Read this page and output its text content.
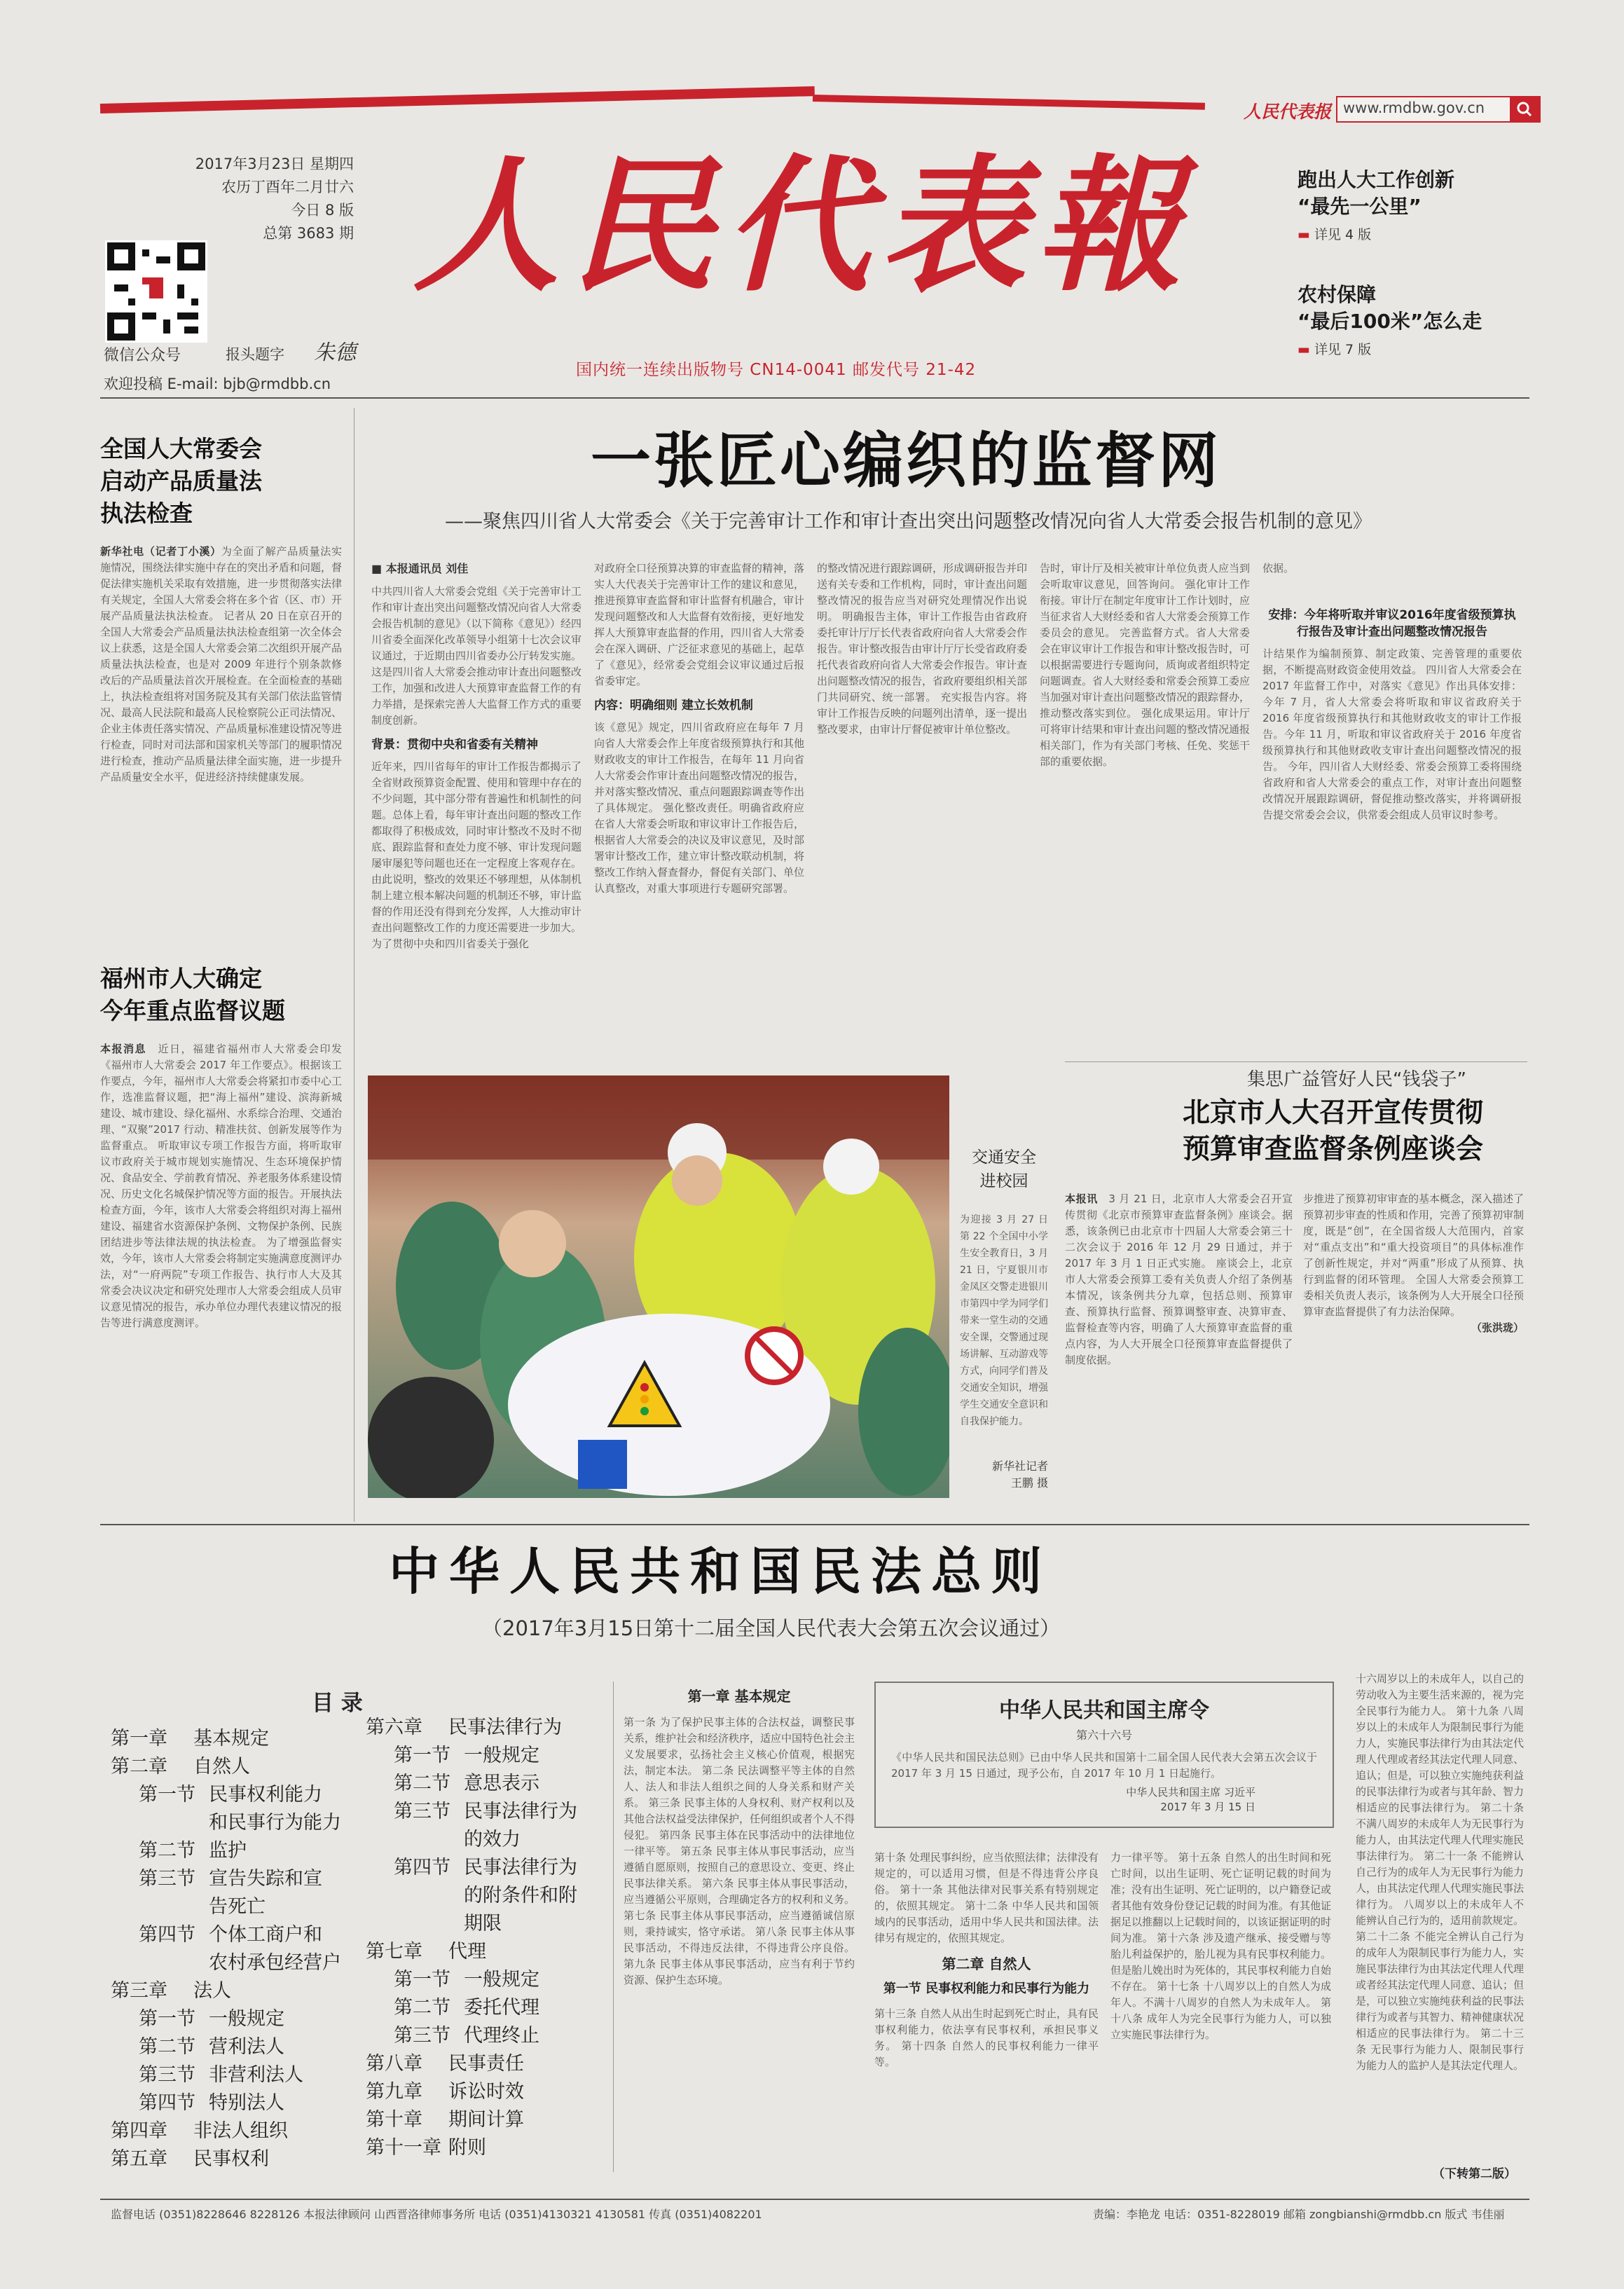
人民代表报 www.rmdbw.gov.cn
2017年3月23日 星期四
农历丁酉年二月廿六
今日 8 版
总第 3683 期
微信公众号	报头题字 朱德
欢迎投稿 E-mail: bjb@rmdbb.cn
人民代表報
国内统一连续出版物号 CN14-0041 邮发代号 21-42
跑出人大工作创新
“最先一公里”
▬ 详见 4 版
农村保障
“最后100米”怎么走
▬ 详见 7 版
全国人大常委会
启动产品质量法
执法检查
新华社电（记者丁小溪）为全面了解产品质量法实施情况，围绕法律实施中存在的突出矛盾和问题，督促法律实施机关采取有效措施，进一步贯彻落实法律有关规定，全国人大常委会将在多个省（区、市）开展产品质量法执法检查。 记者从 20 日在京召开的全国人大常委会产品质量法执法检查组第一次全体会议上获悉，这是全国人大常委会第二次组织开展产品质量法执法检查，也是对 2009 年进行个别条款修改后的产品质量法首次开展检查。在全面检查的基础上，执法检查组将对国务院及其有关部门依法监管情况、最高人民法院和最高人民检察院公正司法情况、企业主体责任落实情况、产品质量标准建设情况等进行检查，同时对司法部和国家机关等部门的履职情况进行检查，推动产品质量法律全面实施，进一步提升产品质量安全水平，促进经济持续健康发展。
福州市人大确定
今年重点监督议题
本报消息　 近日，福建省福州市人大常委会印发《福州市人大常委会 2017 年工作要点》。根据该工作要点，今年，福州市人大常委会将紧扣市委中心工作，选准监督议题，把“海上福州”建设、滨海新城建设、城市建设、绿化福州、水系综合治理、交通治理、“双聚”2017 行动、精准扶贫、创新发展等作为监督重点。 听取审议专项工作报告方面，将听取审议市政府关于城市规划实施情况、生态环境保护情况、食品安全、学前教育情况、养老服务体系建设情况、历史文化名城保护情况等方面的报告。开展执法检查方面，今年，该市人大常委会将组织对海上福州建设、福建省水资源保护条例、文物保护条例、民族团结进步等法律法规的执法检查。 为了增强监督实效，今年，该市人大常委会将制定实施满意度测评办法，对“一府两院”专项工作报告、执行市人大及其常委会决议决定和研究处理市人大常委会组成人员审议意见情况的报告，承办单位办理代表建议情况的报告等进行满意度测评。
一张匠心编织的监督网
——聚焦四川省人大常委会《关于完善审计工作和审计查出突出问题整改情况向省人大常委会报告机制的意见》
■ 本报通讯员 刘佳
中共四川省人大常委会党组《关于完善审计工作和审计查出突出问题整改情况向省人大常委会报告机制的意见》（以下简称《意见》）经四川省委全面深化改革领导小组第十七次会议审议通过，于近期由四川省委办公厅转发实施。这是四川省人大常委会推动审计查出问题整改工作，加强和改进人大预算审查监督工作的有力举措，是探索完善人大监督工作方式的重要制度创新。
背景：贯彻中央和省委有关精神
近年来，四川省每年的审计工作报告都揭示了全省财政预算资金配置、使用和管理中存在的不少问题，其中部分带有普遍性和机制性的问题。总体上看，每年审计查出问题的整改工作都取得了积极成效，同时审计整改不及时不彻底、跟踪监督和查处力度不够、审计发现问题屡审屡犯等问题也还在一定程度上客观存在。由此说明，整改的效果还不够理想，从体制机制上建立根本解决问题的机制还不够，审计监督的作用还没有得到充分发挥，人大推动审计查出问题整改工作的力度还需要进一步加大。 为了贯彻中央和四川省委关于强化
对政府全口径预算决算的审查监督的精神，落实人大代表关于完善审计工作的建议和意见，推进预算审查监督和审计监督有机融合，审计发现问题整改和人大监督有效衔接，更好地发挥人大预算审查监督的作用，四川省人大常委会在深入调研、广泛征求意见的基础上，起草了《意见》，经常委会党组会议审议通过后报省委审定。
内容：明确细则 建立长效机制
该《意见》规定，四川省政府应在每年 7 月向省人大常委会作上年度省级预算执行和其他财政收支的审计工作报告，在每年 11 月向省人大常委会作审计查出问题整改情况的报告，并对落实整改情况、重点问题跟踪调查等作出了具体规定。 强化整改责任。明确省政府应在省人大常委会听取和审议审计工作报告后，根据省人大常委会的决议及审议意见，及时部署审计整改工作，建立审计整改联动机制，将整改工作纳入督查督办，督促有关部门、单位认真整改，对重大事项进行专题研究部署。
的整改情况进行跟踪调研，形成调研报告并印送有关专委和工作机构，同时，审计查出问题整改情况的报告应当对研究处理情况作出说明。 明确报告主体，审计工作报告由省政府委托审计厅厅长代表省政府向省人大常委会作报告。审计整改报告由审计厅厅长受省政府委托代表省政府向省人大常委会作报告。审计查出问题整改情况的报告，省政府要组织相关部门共同研究、统一部署。 充实报告内容。将审计工作报告反映的问题列出清单，逐一提出整改要求，由审计厅督促被审计单位整改。
告时，审计厅及相关被审计单位负责人应当到会听取审议意见，回答询问。 强化审计工作衔接。审计厅在制定年度审计工作计划时，应当征求省人大财经委和省人大常委会预算工作委员会的意见。 完善监督方式。省人大常委会在审议审计工作报告和审计整改报告时，可以根据需要进行专题询问，质询或者组织特定问题调查。省人大财经委和常委会预算工委应当加强对审计查出问题整改情况的跟踪督办，推动整改落实到位。 强化成果运用。审计厅可将审计结果和审计查出问题的整改情况通报相关部门，作为有关部门考核、任免、奖惩干部的重要依据。
依据。
安排：今年将听取并审议2016年度省级预算执行报告及审计查出问题整改情况报告
计结果作为编制预算、制定政策、完善管理的重要依据，不断提高财政资金使用效益。 四川省人大常委会在 2017 年监督工作中，对落实《意见》作出具体安排：今年 7 月，省人大常委会将听取和审议省政府关于 2016 年度省级预算执行和其他财政收支的审计工作报告。今年 11 月，听取和审议省政府关于 2016 年度省级预算执行和其他财政收支审计查出问题整改情况的报告。 今年，四川省人大财经委、常委会预算工委将围绕省政府和省人大常委会的重点工作，对审计查出问题整改情况开展跟踪调研，督促推动整改落实，并将调研报告提交常委会会议，供常委会组成人员审议时参考。
交通安全
进校园
为迎接 3 月 27 日第 22 个全国中小学生安全教育日，3 月 21 日，宁夏银川市金凤区交警走进银川市第四中学为同学们带来一堂生动的交通安全课，交警通过现场讲解、互动游戏等方式，向同学们普及交通安全知识，增强学生交通安全意识和自我保护能力。
新华社记者
王鹏 摄
集思广益管好人民“钱袋子”
北京市人大召开宣传贯彻
预算审查监督条例座谈会
本报讯　 3 月 21 日，北京市人大常委会召开宣传贯彻《北京市预算审查监督条例》座谈会。据悉，该条例已由北京市十四届人大常委会第三十二次会议于 2016 年 12 月 29 日通过，并于 2017 年 3 月 1 日正式实施。 座谈会上，北京市人大常委会预算工委有关负责人介绍了条例基本情况，该条例共分九章，包括总则、预算审查、预算执行监督、预算调整审查、决算审查、监督检查等内容，明确了人大预算审查监督的重点内容，为人大开展全口径预算审查监督提供了制度依据。
步推进了预算初审审查的基本概念，深入描述了预算初步审查的性质和作用，完善了预算初审制度，既是“创”，在全国省级人大范围内，首家对“重点支出”和“重大投资项目”的具体标准作了创新性规定，并对“两重”形成了从预算、执行到监督的闭环管理。 全国人大常委会预算工委相关负责人表示，该条例为人大开展全口径预算审查监督提供了有力法治保障。
（张洪珑）
中华人民共和国民法总则
（2017年3月15日第十二届全国人民代表大会第五次会议通过）
目 录
第一章 基本规定
第二章 自然人
第一节 民事权利能力
和民事行为能力
第二节 监护
第三节 宣告失踪和宣
告死亡
第四节 个体工商户和
农村承包经营户
第三章 法人
第一节 一般规定
第二节 营利法人
第三节 非营利法人
第四节 特别法人
第四章 非法人组织
第五章 民事权利
第六章 民事法律行为
第一节 一般规定
第二节 意思表示
第三节 民事法律行为
的效力
第四节 民事法律行为
的附条件和附
期限
第七章 代理
第一节 一般规定
第二节 委托代理
第三节 代理终止
第八章 民事责任
第九章 诉讼时效
第十章 期间计算
第十一章 附则
第一章 基本规定
第一条 为了保护民事主体的合法权益，调整民事关系，维护社会和经济秩序，适应中国特色社会主义发展要求，弘扬社会主义核心价值观，根据宪法，制定本法。 第二条 民法调整平等主体的自然人、法人和非法人组织之间的人身关系和财产关系。 第三条 民事主体的人身权利、财产权利以及其他合法权益受法律保护，任何组织或者个人不得侵犯。 第四条 民事主体在民事活动中的法律地位一律平等。 第五条 民事主体从事民事活动，应当遵循自愿原则，按照自己的意思设立、变更、终止民事法律关系。 第六条 民事主体从事民事活动，应当遵循公平原则，合理确定各方的权利和义务。 第七条 民事主体从事民事活动，应当遵循诚信原则，秉持诚实，恪守承诺。 第八条 民事主体从事民事活动，不得违反法律，不得违背公序良俗。 第九条 民事主体从事民事活动，应当有利于节约资源、保护生态环境。
中华人民共和国主席令
第六十六号
《中华人民共和国民法总则》已由中华人民共和国第十二届全国人民代表大会第五次会议于 2017 年 3 月 15 日通过，现予公布，自 2017 年 10 月 1 日起施行。
中华人民共和国主席 习近平
2017 年 3 月 15 日
第十条 处理民事纠纷，应当依照法律；法律没有规定的，可以适用习惯，但是不得违背公序良俗。 第十一条 其他法律对民事关系有特别规定的，依照其规定。 第十二条 中华人民共和国领域内的民事活动，适用中华人民共和国法律。法律另有规定的，依照其规定。
第二章 自然人
第一节 民事权利能力和民事行为能力
第十三条 自然人从出生时起到死亡时止，具有民事权利能力，依法享有民事权利，承担民事义务。 第十四条 自然人的民事权利能力一律平等。
力一律平等。 第十五条 自然人的出生时间和死亡时间，以出生证明、死亡证明记载的时间为准；没有出生证明、死亡证明的，以户籍登记或者其他有效身份登记记载的时间为准。有其他证据足以推翻以上记载时间的，以该证据证明的时间为准。 第十六条 涉及遗产继承、接受赠与等胎儿利益保护的，胎儿视为具有民事权利能力。但是胎儿娩出时为死体的，其民事权利能力自始不存在。 第十七条 十八周岁以上的自然人为成年人。不满十八周岁的自然人为未成年人。 第十八条 成年人为完全民事行为能力人，可以独立实施民事法律行为。
十六周岁以上的未成年人，以自己的劳动收入为主要生活来源的，视为完全民事行为能力人。 第十九条 八周岁以上的未成年人为限制民事行为能力人，实施民事法律行为由其法定代理人代理或者经其法定代理人同意、追认；但是，可以独立实施纯获利益的民事法律行为或者与其年龄、智力相适应的民事法律行为。 第二十条 不满八周岁的未成年人为无民事行为能力人，由其法定代理人代理实施民事法律行为。 第二十一条 不能辨认自己行为的成年人为无民事行为能力人，由其法定代理人代理实施民事法律行为。 八周岁以上的未成年人不能辨认自己行为的，适用前款规定。 第二十二条 不能完全辨认自己行为的成年人为限制民事行为能力人，实施民事法律行为由其法定代理人代理或者经其法定代理人同意、追认；但是，可以独立实施纯获利益的民事法律行为或者与其智力、精神健康状况相适应的民事法律行为。 第二十三条 无民事行为能力人、限制民事行为能力人的监护人是其法定代理人。
（下转第二版）
监督电话 (0351)8228646 8228126 本报法律顾问 山西晋洛律师事务所 电话 (0351)4130321 4130581 传真 (0351)4082201	责编：李艳龙 电话：0351-8228019 邮箱 zongbianshi@rmdbb.cn 版式 韦佳丽
